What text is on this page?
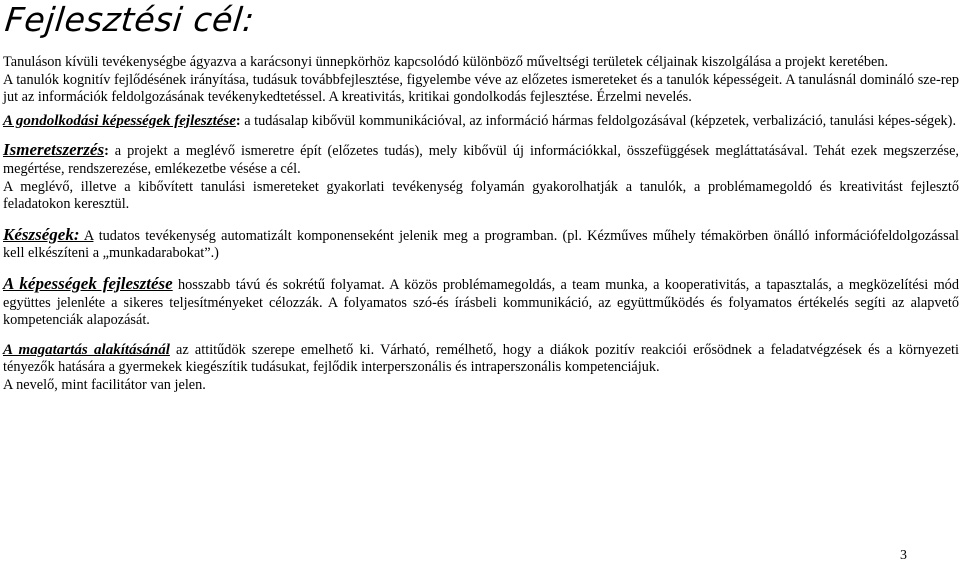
Fejlesztési cél:

Tanuláson kívüli tevékenységbe ágyazva a karácsonyi ünnepkörhöz kapcsolódó különböző műveltségi területek céljainak kiszolgálása a projekt keretében.

A tanulók kognitív fejlődésének irányítása, tudásuk továbbfejlesztése, figyelembe véve az előzetes ismereteket és a tanulók képességeit. A tanulásnál domináló sze-rep jut az információk feldolgozásának tevékenykedtetéssel. A kreativitás, kritikai gondolkodás fejlesztése. Érzelmi nevelés.

A gondolkodási képességek fejlesztése: a tudásalap kibővül kommunikációval, az információ hármas feldolgozásával (képzetek, verbalizáció, tanulási képes-ségek).

Ismeretszerzés: a projekt a meglévő ismeretre épít (előzetes tudás), mely kibővül új információkkal, összefüggések megláttatásával. Tehát ezek megszerzése, megértése, rendszerezése, emlékezetbe vésése a cél.

A meglévő, illetve a kibővített tanulási ismereteket gyakorlati tevékenység folyamán gyakorolhatják a tanulók, a problémamegoldó és kreativitást fejlesztő feladatokon keresztül.

Készségek: A tudatos tevékenység automatizált komponenseként jelenik meg a programban. (pl. Kézműves műhely témakörben önálló információfeldolgozással kell elkészíteni a „munkadarabokat”.)

A képességek fejlesztése hosszabb távú és sokrétű folyamat. A közös problémamegoldás, a team munka, a kooperativitás, a tapasztalás, a megközelítési mód együttes jelenléte a sikeres teljesítményeket célozzák. A folyamatos szó-és írásbeli kommunikáció, az együttműködés és folyamatos értékelés segíti az alapvető kompetenciák alapozását.

A magatartás alakításánál az attitűdök szerepe emelhető ki. Várható, remélhető, hogy a diákok pozitív reakciói erősödnek a feladatvégzések és a környezeti tényezők hatására a gyermekek kiegészítik tudásukat, fejlődik interperszonális és intraperszonális kompetenciájuk.

A nevelő, mint facilitátor van jelen.

3
